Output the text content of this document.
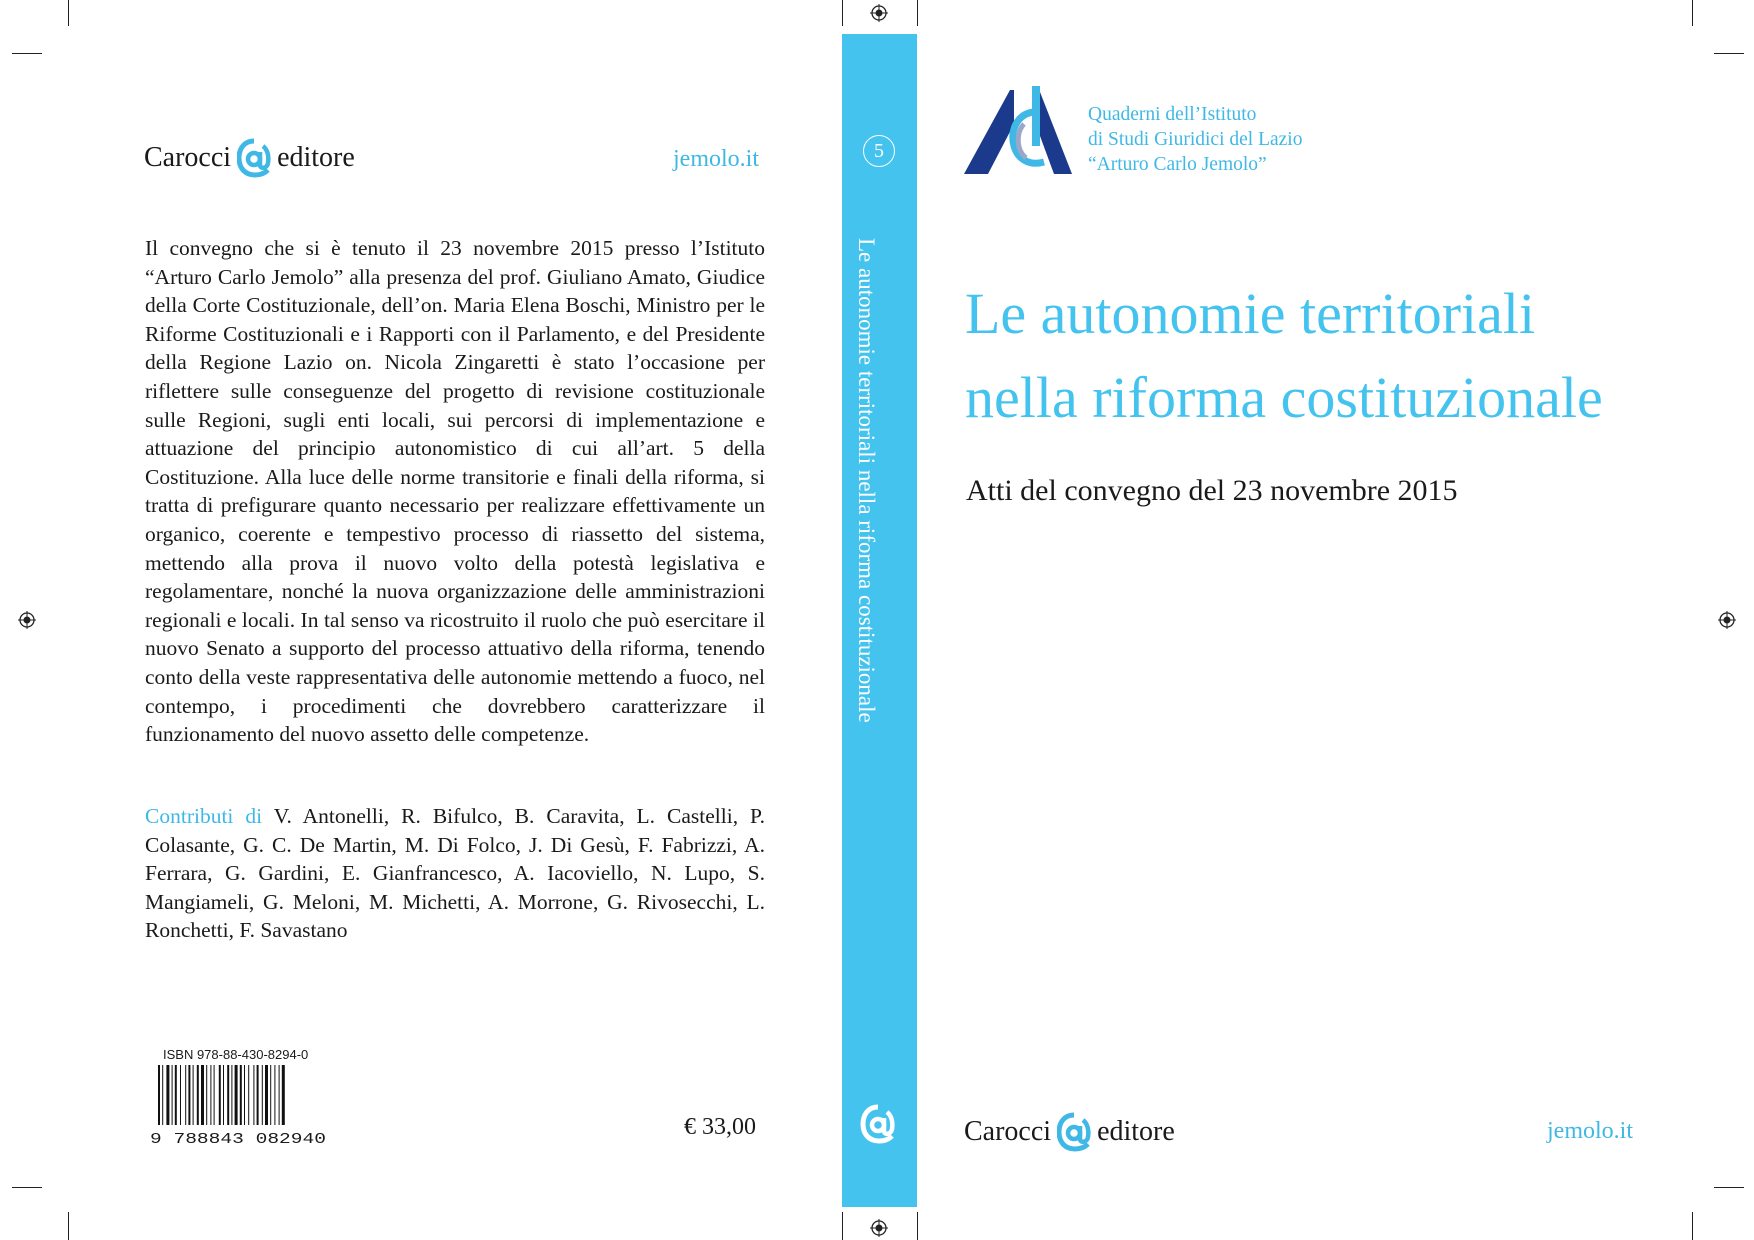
Carocci editore	jemolo.it

Il convegno che si è tenuto il 23 novembre 2015 presso l’Istituto “Arturo Carlo Jemolo” alla presenza del prof. Giuliano Amato, Giudice della Corte Costituzionale, dell’on. Maria Elena Boschi, Ministro per le Riforme Costituzionali e i Rapporti con il Parlamento, e del Presidente della Regione Lazio on. Nicola Zingaretti è stato l’occasione per riflettere sulle conseguenze del progetto di revisione costituzionale sulle Regioni, sugli enti locali, sui percorsi di implementazione e attuazione del principio autonomistico di cui all’art. 5 della Costituzione. Alla luce delle norme transitorie e finali della riforma, si tratta di prefigurare quanto necessario per realizzare effettivamente un organico, coerente e tempestivo processo di riassetto del sistema, mettendo alla prova il nuovo volto della potestà legislativa e regolamentare, nonché la nuova organizzazione delle amministrazioni regionali e locali. In tal senso va ricostruito il ruolo che può esercitare il nuovo Senato a supporto del processo attuativo della riforma, tenendo conto della veste rappresentativa delle autonomie mettendo a fuoco, nel contempo, i procedimenti che dovrebbero caratterizzare il funzionamento del nuovo assetto delle competenze.

Contributi di V. Antonelli, R. Bifulco, B. Caravita, L. Castelli, P. Colasante, G. C. De Martin, M. Di Folco, J. Di Gesù, F. Fabrizzi, A. Ferrara, G. Gardini, E. Gianfrancesco, A. Iacoviello, N. Lupo, S. Mangiameli, G. Meloni, M. Michetti, A. Morrone, G. Rivosecchi, L. Ronchetti, F. Savastano

ISBN 978-88-430-8294-0
9 788843 082940	€ 33,00
5
Le autonomie territoriali nella riforma costituzionale
Quaderni dell’Istituto
di Studi Giuridici del Lazio
“Arturo Carlo Jemolo”
Le autonomie territoriali
nella riforma costituzionale
Atti del convegno del 23 novembre 2015
Carocci editore	jemolo.it
